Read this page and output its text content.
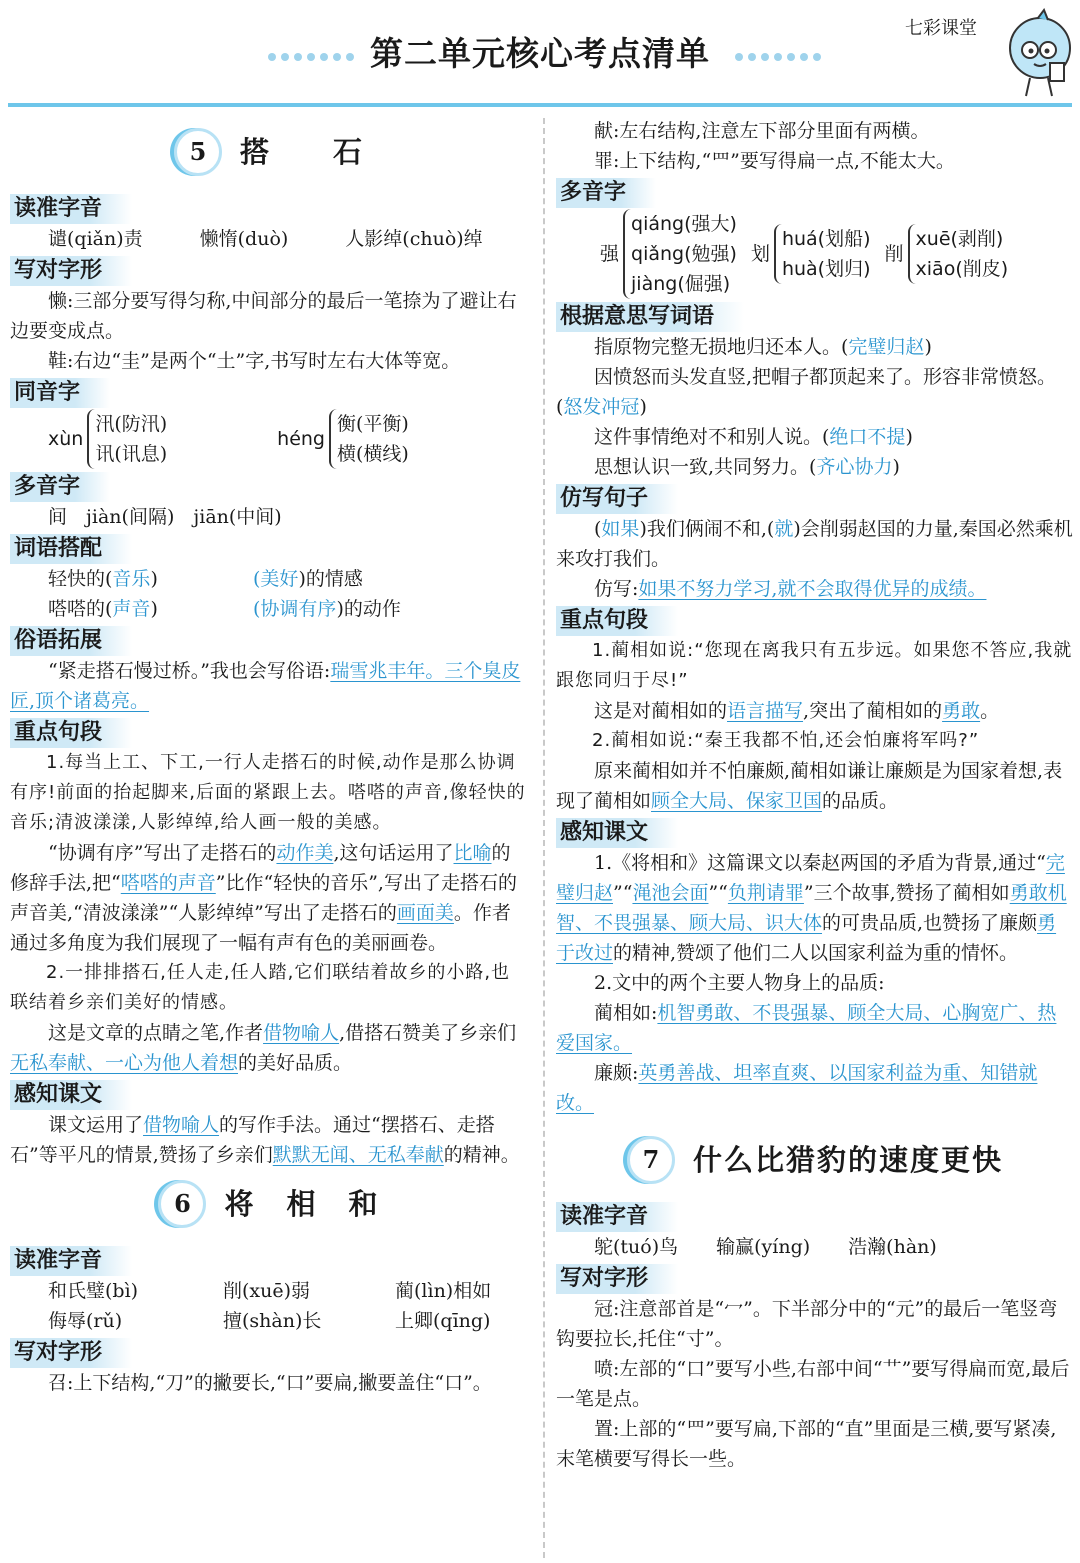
第二单元核心考点清单
七彩课堂
5	搭　　石
读准字音

谴(qiǎn)责　　　懒惰(duò)　　　人影绰(chuò)绰

写对字形

懒:三部分要写得匀称,中间部分的最后一笔捺为了避让右边要变成点。

鞋:右边“圭”是两个“土”字,书写时左右大体等宽。

同音字
xùn
汛(防汛)
讯(讯息)
héng
衡(平衡)
横(横线)
多音字

间　jiàn(间隔)　jiān(中间)

词语搭配
轻快的(音乐)	(美好)的情感
嗒嗒的(声音)	(协调有序)的动作
俗语拓展

“紧走搭石慢过桥。”我也会写俗语:瑞雪兆丰年。三个臭皮匠,顶个诸葛亮。

重点句段

1.每当上工、下工,一行人走搭石的时候,动作是那么协调有序!前面的抬起脚来,后面的紧跟上去。嗒嗒的声音,像轻快的音乐;清波漾漾,人影绰绰,给人画一般的美感。

“协调有序”写出了走搭石的动作美,这句话运用了比喻的修辞手法,把“嗒嗒的声音”比作“轻快的音乐”,写出了走搭石的声音美,“清波漾漾”“人影绰绰”写出了走搭石的画面美。作者通过多角度为我们展现了一幅有声有色的美丽画卷。

2.一排排搭石,任人走,任人踏,它们联结着故乡的小路,也联结着乡亲们美好的情感。

这是文章的点睛之笔,作者借物喻人,借搭石赞美了乡亲们无私奉献、一心为他人着想的美好品质。

感知课文

课文运用了借物喻人的写作手法。通过“摆搭石、走搭石”等平凡的情景,赞扬了乡亲们默默无闻、无私奉献的精神。

6	将　相　和
读准字音
和氏璧(bì)	削(xuē)弱	蔺(lìn)相如
侮辱(rǔ)	擅(shàn)长	上卿(qīng)
写对字形

召:上下结构,“刀”的撇要长,“口”要扁,撇要盖住“口”。

献:左右结构,注意左下部分里面有两横。

罪:上下结构,“罒”要写得扁一点,不能太大。

多音字
强
qiáng(强大)
qiǎng(勉强)
jiàng(倔强)
划
huá(划船)
huà(划归)
削
xuē(剥削)
xiāo(削皮)
根据意思写词语

指原物完整无损地归还本人。(完璧归赵)

因愤怒而头发直竖,把帽子都顶起来了。形容非常愤怒。(怒发冲冠)

这件事情绝对不和别人说。(绝口不提)

思想认识一致,共同努力。(齐心协力)

仿写句子

(如果)我们俩闹不和,(就)会削弱赵国的力量,秦国必然乘机来攻打我们。

仿写:如果不努力学习,就不会取得优异的成绩。

重点句段

1.蔺相如说:“您现在离我只有五步远。如果您不答应,我就跟您同归于尽!”

这是对蔺相如的语言描写,突出了蔺相如的勇敢。

2.蔺相如说:“秦王我都不怕,还会怕廉将军吗?”

原来蔺相如并不怕廉颇,蔺相如谦让廉颇是为国家着想,表现了蔺相如顾全大局、保家卫国的品质。

感知课文

1.《将相和》这篇课文以秦赵两国的矛盾为背景,通过“完璧归赵”“渑池会面”“负荆请罪”三个故事,赞扬了蔺相如勇敢机智、不畏强暴、顾大局、识大体的可贵品质,也赞扬了廉颇勇于改过的精神,赞颂了他们二人以国家利益为重的情怀。

2.文中的两个主要人物身上的品质:

蔺相如:机智勇敢、不畏强暴、顾全大局、心胸宽广、热爱国家。

廉颇:英勇善战、坦率直爽、以国家利益为重、知错就改。

7	什么比猎豹的速度更快
读准字音

鸵(tuó)鸟　　输赢(yíng)　　浩瀚(hàn)

写对字形

冠:注意部首是“冖”。下半部分中的“元”的最后一笔竖弯钩要拉长,托住“寸”。

喷:左部的“口”要写小些,右部中间“艹”要写得扁而宽,最后一笔是点。

置:上部的“罒”要写扁,下部的“直”里面是三横,要写紧凑,末笔横要写得长一些。
